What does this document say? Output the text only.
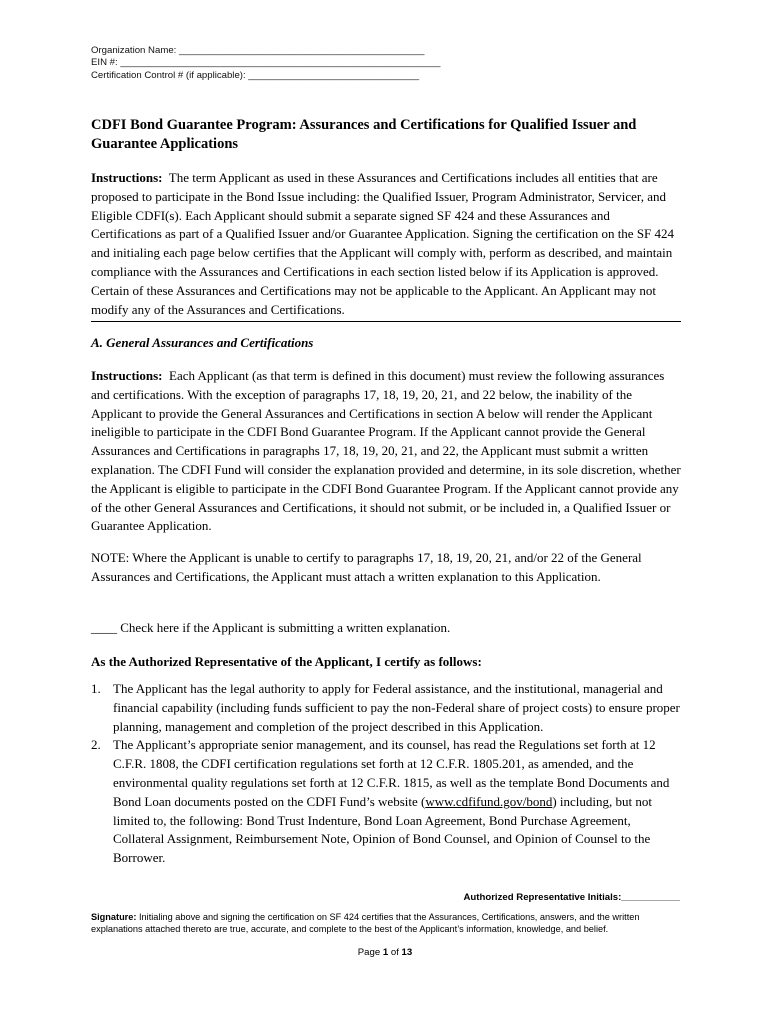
Organization Name: ______________________________________________
EIN #: ____________________________________________________________
Certification Control # (if applicable): ________________________________
CDFI Bond Guarantee Program: Assurances and Certifications for Qualified Issuer and Guarantee Applications
Instructions: The term Applicant as used in these Assurances and Certifications includes all entities that are proposed to participate in the Bond Issue including: the Qualified Issuer, Program Administrator, Servicer, and Eligible CDFI(s). Each Applicant should submit a separate signed SF 424 and these Assurances and Certifications as part of a Qualified Issuer and/or Guarantee Application. Signing the certification on the SF 424 and initialing each page below certifies that the Applicant will comply with, perform as described, and maintain compliance with the Assurances and Certifications in each section listed below if its Application is approved. Certain of these Assurances and Certifications may not be applicable to the Applicant. An Applicant may not modify any of the Assurances and Certifications.
A. General Assurances and Certifications
Instructions: Each Applicant (as that term is defined in this document) must review the following assurances and certifications. With the exception of paragraphs 17, 18, 19, 20, 21, and 22 below, the inability of the Applicant to provide the General Assurances and Certifications in section A below will render the Applicant ineligible to participate in the CDFI Bond Guarantee Program. If the Applicant cannot provide the General Assurances and Certifications in paragraphs 17, 18, 19, 20, 21, and 22, the Applicant must submit a written explanation. The CDFI Fund will consider the explanation provided and determine, in its sole discretion, whether the Applicant is eligible to participate in the CDFI Bond Guarantee Program. If the Applicant cannot provide any of the other General Assurances and Certifications, it should not submit, or be included in, a Qualified Issuer or Guarantee Application.
NOTE: Where the Applicant is unable to certify to paragraphs 17, 18, 19, 20, 21, and/or 22 of the General Assurances and Certifications, the Applicant must attach a written explanation to this Application.
____ Check here if the Applicant is submitting a written explanation.
As the Authorized Representative of the Applicant, I certify as follows:
1. The Applicant has the legal authority to apply for Federal assistance, and the institutional, managerial and financial capability (including funds sufficient to pay the non-Federal share of project costs) to ensure proper planning, management and completion of the project described in this Application.
2. The Applicant’s appropriate senior management, and its counsel, has read the Regulations set forth at 12 C.F.R. 1808, the CDFI certification regulations set forth at 12 C.F.R. 1805.201, as amended, and the environmental quality regulations set forth at 12 C.F.R. 1815, as well as the template Bond Documents and Bond Loan documents posted on the CDFI Fund’s website (www.cdfifund.gov/bond) including, but not limited to, the following: Bond Trust Indenture, Bond Loan Agreement, Bond Purchase Agreement, Collateral Assignment, Reimbursement Note, Opinion of Bond Counsel, and Opinion of Counsel to the Borrower.
Authorized Representative Initials:___________
Signature: Initialing above and signing the certification on SF 424 certifies that the Assurances, Certifications, answers, and the written explanations attached thereto are true, accurate, and complete to the best of the Applicant’s information, knowledge, and belief.
Page 1 of 13
